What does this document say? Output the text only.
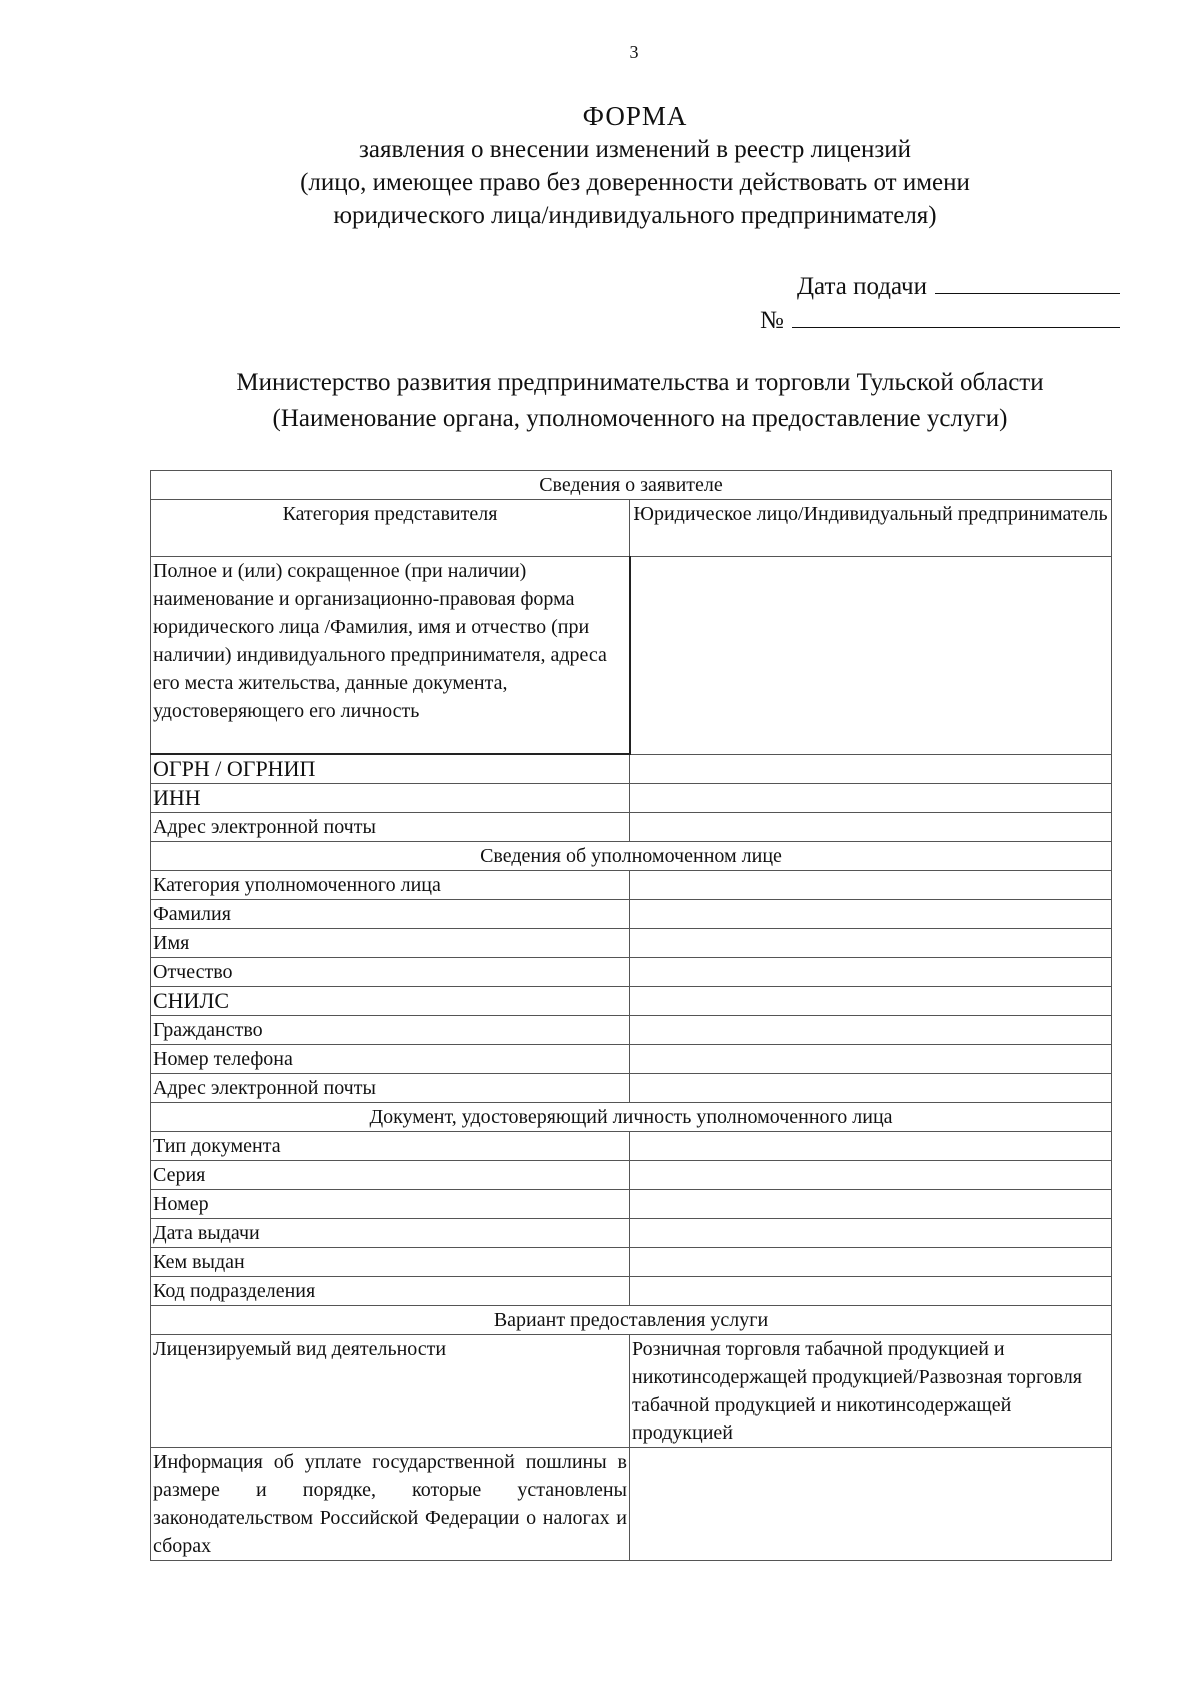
3
ФОРМА
заявления о внесении изменений в реестр лицензий
(лицо, имеющее право без доверенности действовать от имени
юридического лица/индивидуального предпринимателя)
Дата подачи
№
Министерство развития предпринимательства и торговли Тульской области
(Наименование органа, уполномоченного на предоставление услуги)
Сведения о заявителе	
Категория представителя	Юридическое лицо/Индивидуальный предприниматель
Полное и (или) сокращенное (при наличии) наименование и организационно-правовая форма юридического лица /Фамилия, имя и отчество (при наличии) индивидуального предпринимателя, адреса его места жительства, данные документа, удостоверяющего его личность	
ОГРН / ОГРНИП	
ИНН	
Адрес электронной почты	
Сведения об уполномоченном лице	
Категория уполномоченного лица	
Фамилия	
Имя	
Отчество	
СНИЛС	
Гражданство	
Номер телефона	
Адрес электронной почты	
Документ, удостоверяющий личность уполномоченного лица	
Тип документа	
Серия	
Номер	
Дата выдачи	
Кем выдан	
Код подразделения	
Вариант предоставления услуги	
Лицензируемый вид деятельности	Розничная торговля табачной продукцией и никотинсодержащей продукцией/Развозная торговля табачной продукцией и никотинсодержащей продукцией
Информация об уплате государственной пошлины в размере и порядке, которые установлены законодательством Российской Федерации о налогах и сборах	
